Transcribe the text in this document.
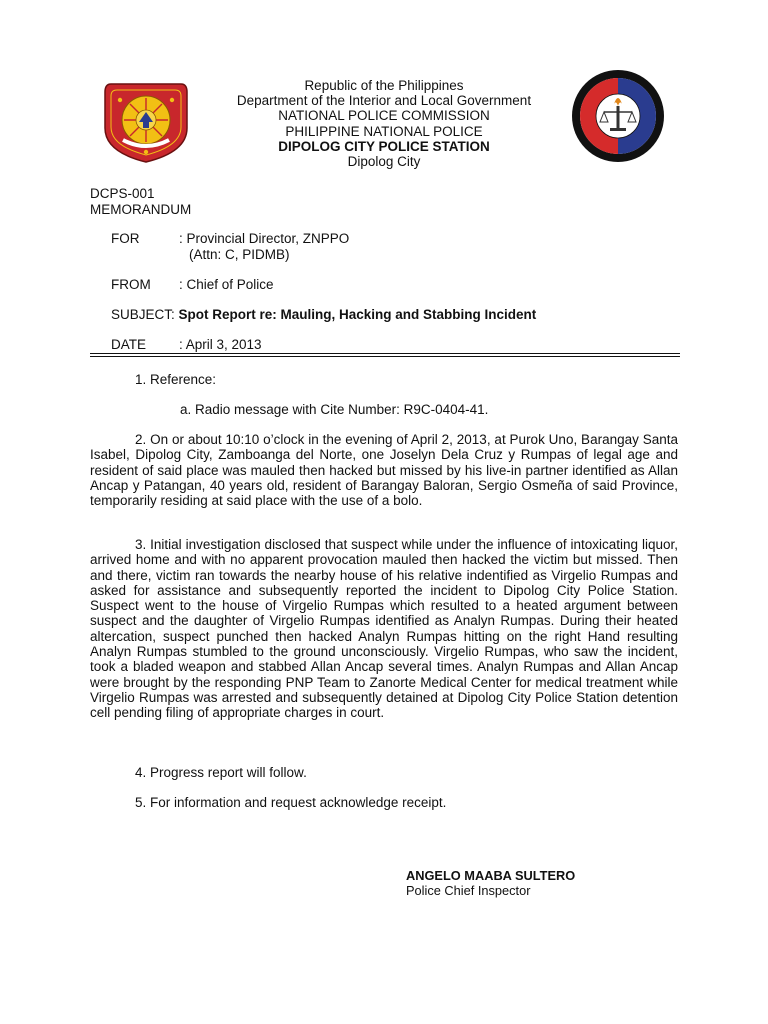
Republic of the Philippines
Department of the Interior and Local Government
NATIONAL POLICE COMMISSION
PHILIPPINE NATIONAL POLICE
DIPOLOG CITY POLICE STATION
Dipolog City
DCPS-001
MEMORANDUM
FOR	: Provincial Director, ZNPPO
(Attn: C, PIDMB)
FROM : Chief of Police
SUBJECT: Spot Report re: Mauling, Hacking and Stabbing Incident
DATE : April 3, 2013
1. Reference:
a. Radio message with Cite Number: R9C-0404-41.
2. On or about 10:10 o’clock in the evening of April 2, 2013, at Purok Uno, Barangay Santa Isabel, Dipolog City, Zamboanga del Norte, one Joselyn Dela Cruz y Rumpas of legal age and resident of said place was mauled then hacked but missed by his live-in partner identified as Allan Ancap y Patangan, 40 years old, resident of Barangay Baloran, Sergio Osmeña of said Province, temporarily residing at said place with the use of a bolo.
3. Initial investigation disclosed that suspect while under the influence of intoxicating liquor, arrived home and with no apparent provocation mauled then hacked the victim but missed. Then and there, victim ran towards the nearby house of his relative indentified as Virgelio Rumpas and asked for assistance and subsequently reported the incident to Dipolog City Police Station. Suspect went to the house of Virgelio Rumpas which resulted to a heated argument between suspect and the daughter of Virgelio Rumpas identified as Analyn Rumpas. During their heated altercation, suspect punched then hacked Analyn Rumpas hitting on the right Hand resulting Analyn Rumpas stumbled to the ground unconsciously. Virgelio Rumpas, who saw the incident, took a bladed weapon and stabbed Allan Ancap several times. Analyn Rumpas and Allan Ancap were brought by the responding PNP Team to Zanorte Medical Center for medical treatment while Virgelio Rumpas was arrested and subsequently detained at Dipolog City Police Station detention cell pending filing of appropriate charges in court.
4. Progress report will follow.
5. For information and request acknowledge receipt.
ANGELO MAABA SULTERO
Police Chief Inspector
